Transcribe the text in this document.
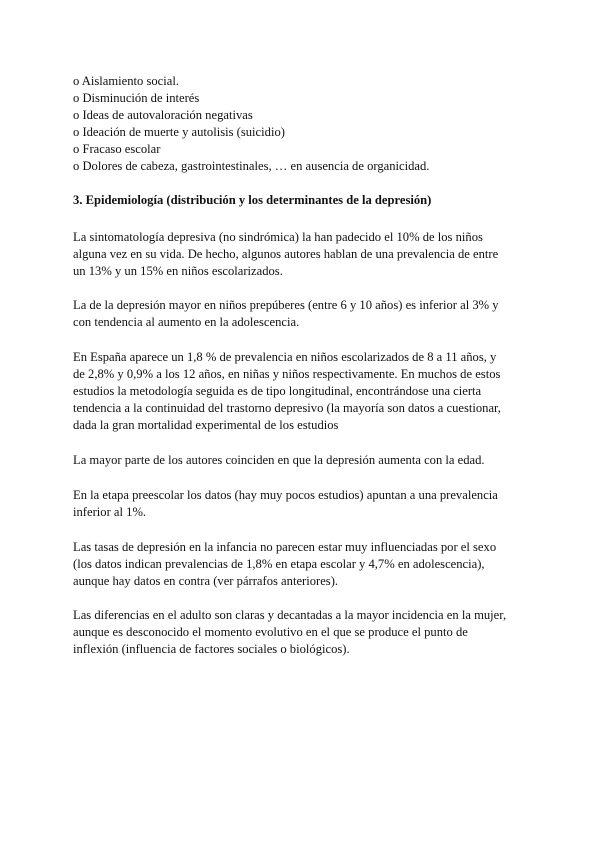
o Aislamiento social.
o Disminución de interés
o Ideas de autovaloración negativas
o Ideación de muerte y autolisis (suicidio)
o Fracaso escolar
o Dolores de cabeza, gastrointestinales, … en ausencia de organicidad.
3. Epidemiología (distribución y los determinantes de la depresión)

La sintomatología depresiva (no sindrómica) la han padecido el 10% de los niños
alguna vez en su vida. De hecho, algunos autores hablan de una prevalencia de entre
un 13% y un 15% en niños escolarizados.

La de la depresión mayor en niños prepúberes (entre 6 y 10 años) es inferior al 3% y
con tendencia al aumento en la adolescencia.

En España aparece un 1,8 % de prevalencia en niños escolarizados de 8 a 11 años, y
de 2,8% y 0,9% a los 12 años, en niñas y niños respectivamente. En muchos de estos
estudios la metodología seguida es de tipo longitudinal, encontrándose una cierta
tendencia a la continuidad del trastorno depresivo (la mayoría son datos a cuestionar,
dada la gran mortalidad experimental de los estudios

La mayor parte de los autores coinciden en que la depresión aumenta con la edad.

En la etapa preescolar los datos (hay muy pocos estudios) apuntan a una prevalencia
inferior al 1%.

Las tasas de depresión en la infancia no parecen estar muy influenciadas por el sexo
(los datos indican prevalencias de 1,8% en etapa escolar y 4,7% en adolescencia),
aunque hay datos en contra (ver párrafos anteriores).

Las diferencias en el adulto son claras y decantadas a la mayor incidencia en la mujer,
aunque es desconocido el momento evolutivo en el que se produce el punto de
inflexión (influencia de factores sociales o biológicos).
